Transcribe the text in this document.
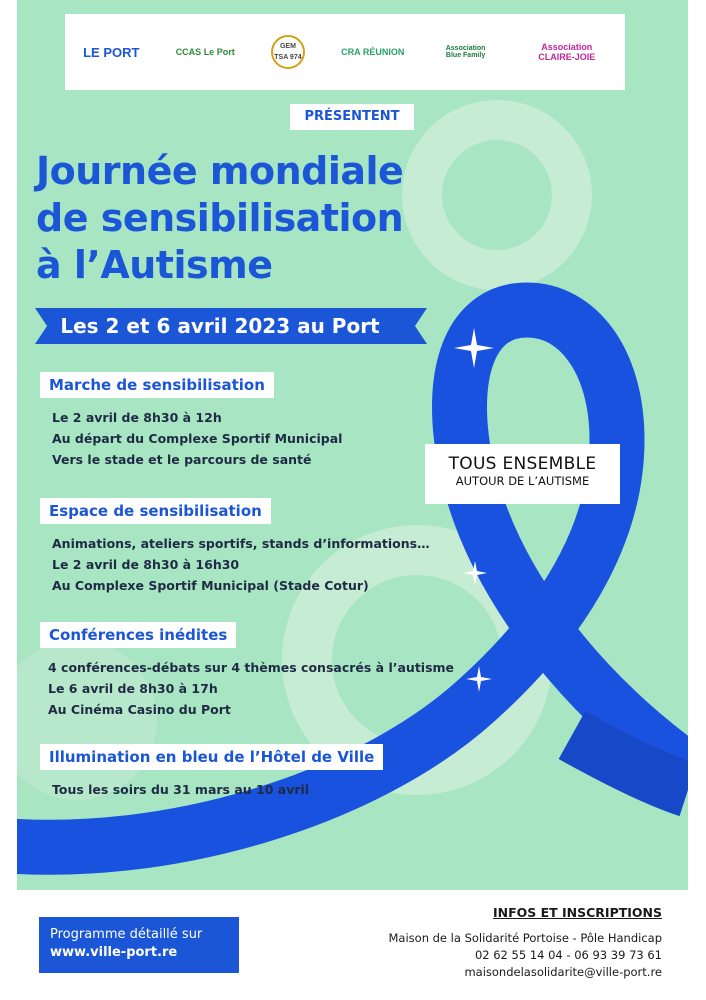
LE PORT	CCAS Le Port
GEM TSA 974
CRA RÉUNION	Association Blue Family
Association CLAIRE-JOIE
PRÉSENTENT
Journée mondiale
de sensibilisation
à l’Autisme
Les 2 et 6 avril 2023 au Port
TOUS ENSEMBLE
AUTOUR DE L’AUTISME
Marche de sensibilisation
Le 2 avril de 8h30 à 12h
Au départ du Complexe Sportif Municipal
Vers le stade et le parcours de santé
Espace de sensibilisation
Animations, ateliers sportifs, stands d’informations…
Le 2 avril de 8h30 à 16h30
Au Complexe Sportif Municipal (Stade Cotur)
Conférences inédites
4 conférences-débats sur 4 thèmes consacrés à l’autisme
Le 6 avril de 8h30 à 17h
Au Cinéma Casino du Port
Illumination en bleu de l’Hôtel de Ville
Tous les soirs du 31 mars au 10 avril
Programme détaillé sur
www.ville-port.re
INFOS ET INSCRIPTIONS
Maison de la Solidarité Portoise - Pôle Handicap
02 62 55 14 04 - 06 93 39 73 61
maisondelasolidarite@ville-port.re
